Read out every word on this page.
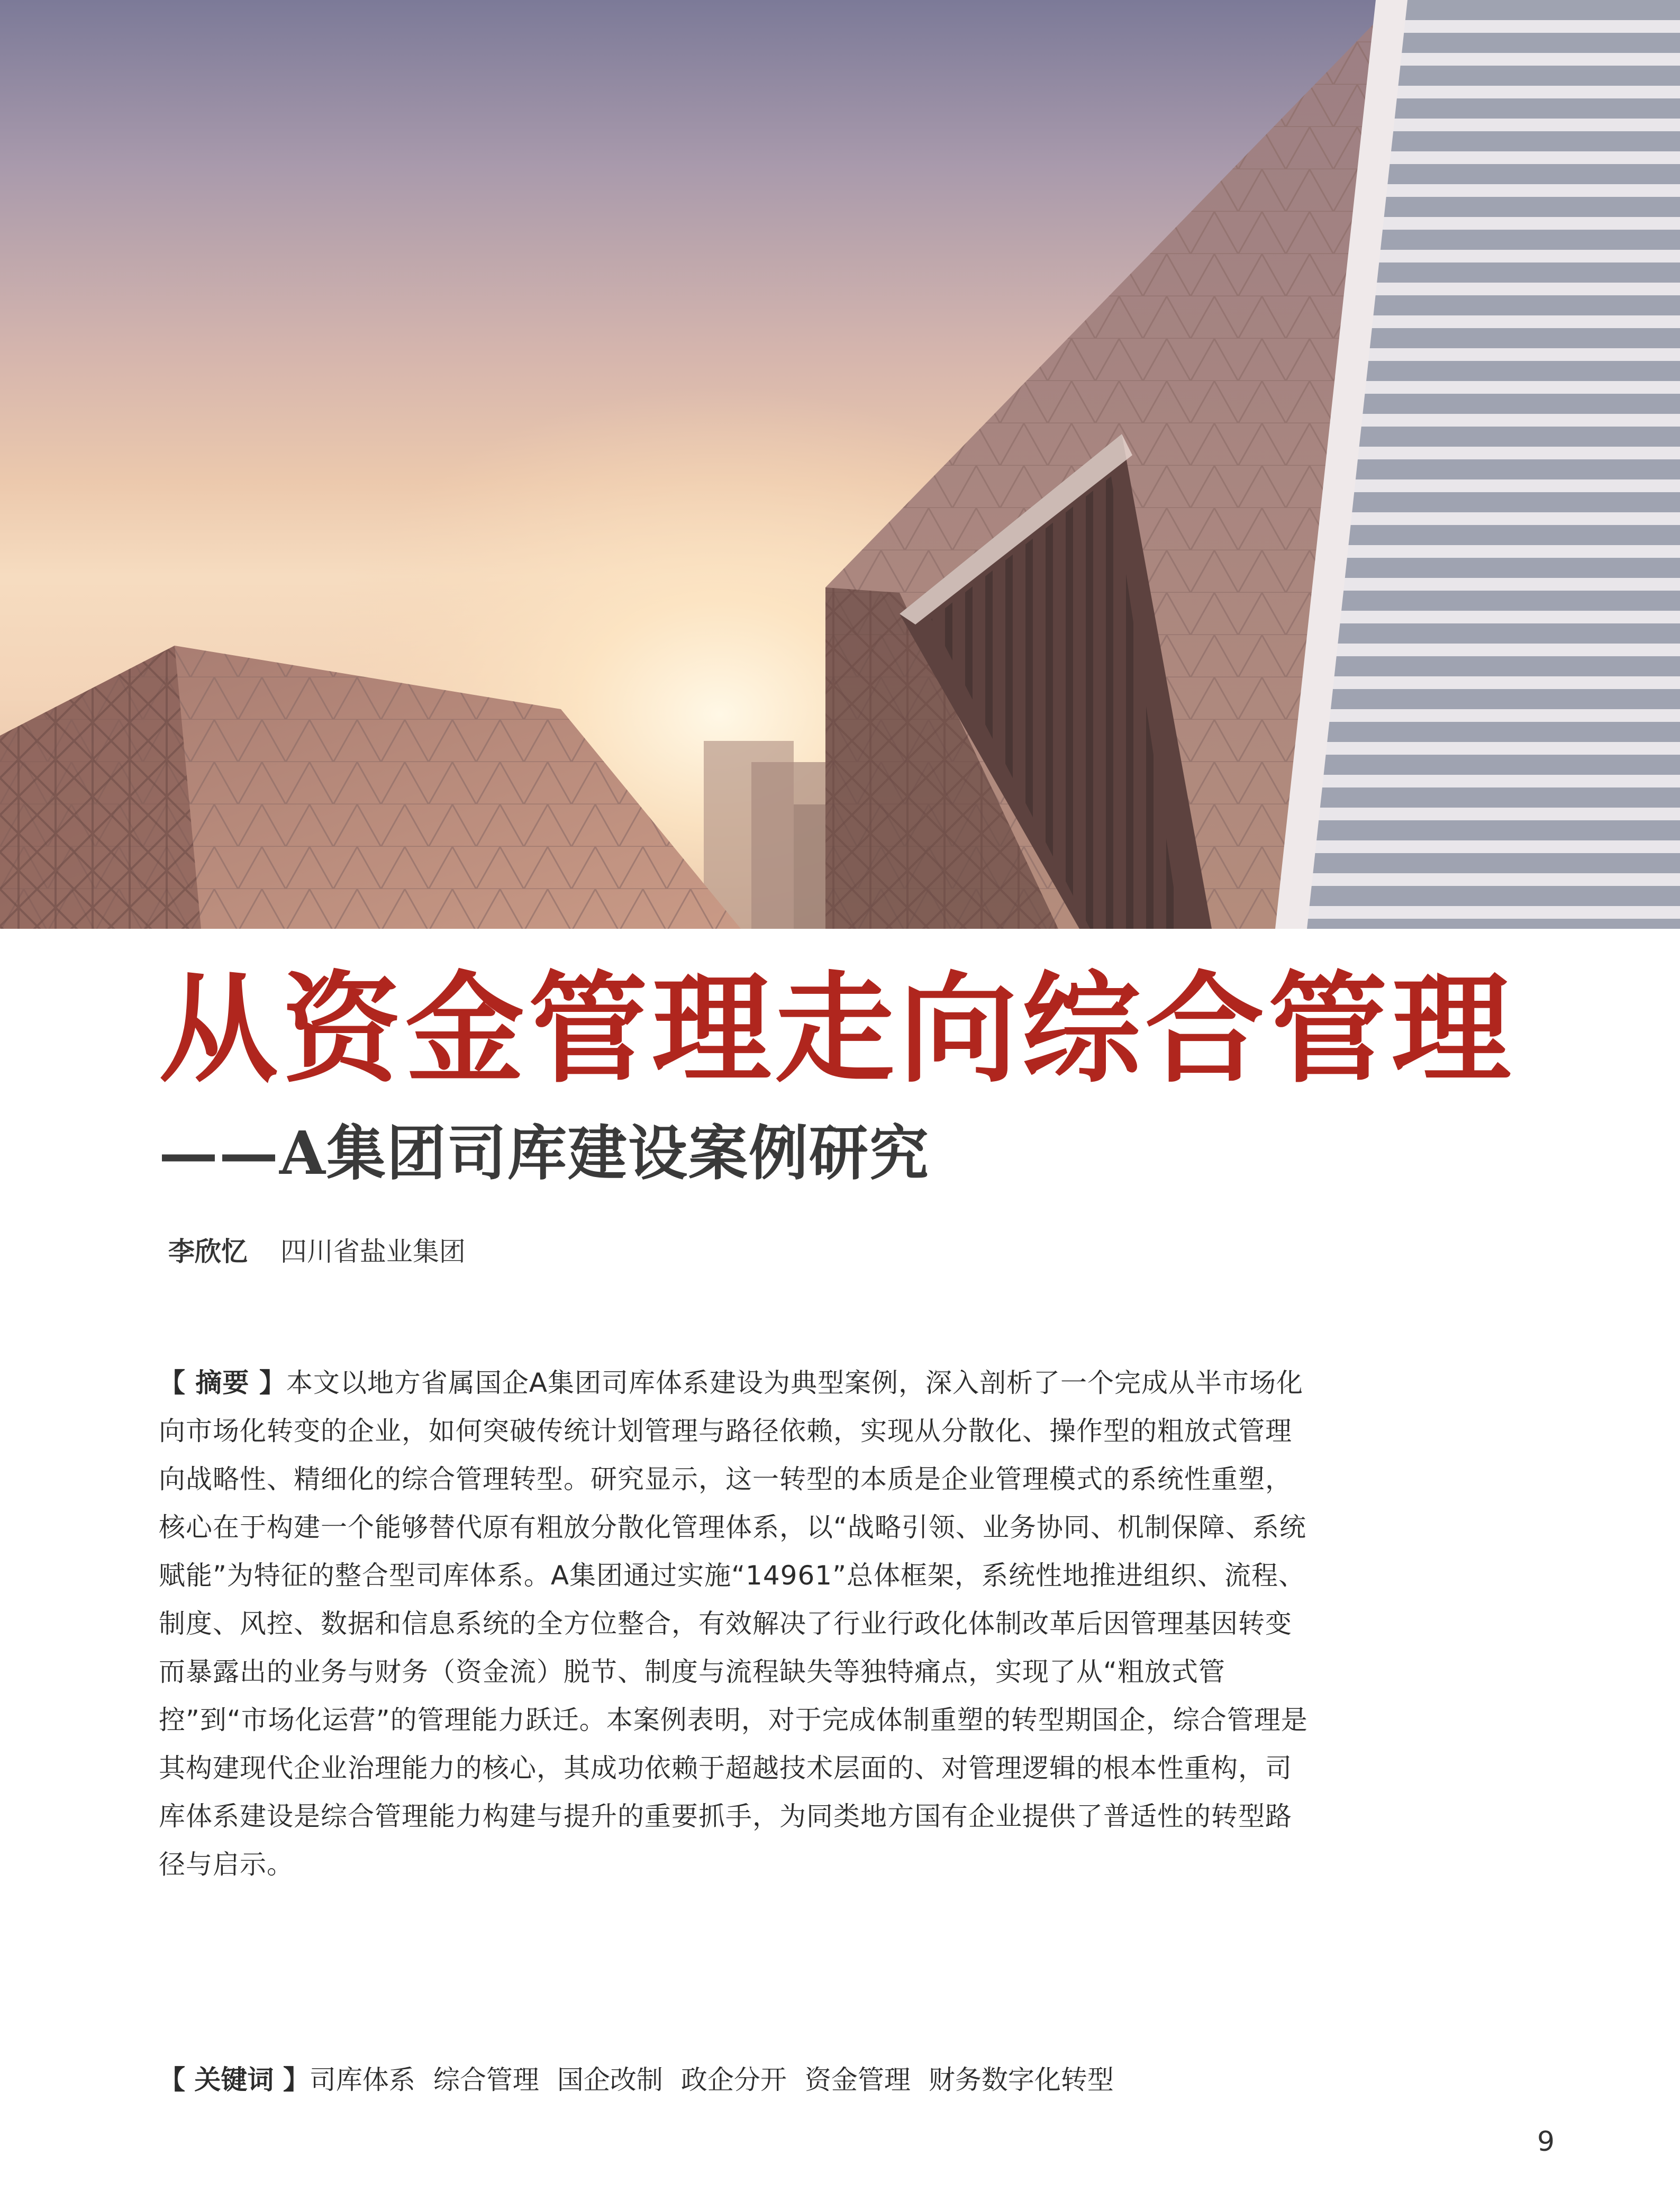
从资金管理走向综合管理
——A集团司库建设案例研究
李欣忆 四川省盐业集团

【 摘要 】本文以地方省属国企A集团司库体系建设为典型案例，深入剖析了一个完成从半市场化向市场化转变的企业，如何突破传统计划管理与路径依赖，实现从分散化、操作型的粗放式管理向战略性、精细化的综合管理转型。研究显示，这一转型的本质是企业管理模式的系统性重塑，核心在于构建一个能够替代原有粗放分散化管理体系，以“战略引领、业务协同、机制保障、系统赋能”为特征的整合型司库体系。A集团通过实施“14961”总体框架，系统性地推进组织、流程、制度、风控、数据和信息系统的全方位整合，有效解决了行业行政化体制改革后因管理基因转变而暴露出的业务与财务（资金流）脱节、制度与流程缺失等独特痛点，实现了从“粗放式管控”到“市场化运营”的管理能力跃迁。本案例表明，对于完成体制重塑的转型期国企，综合管理是其构建现代企业治理能力的核心，其成功依赖于超越技术层面的、对管理逻辑的根本性重构，司库体系建设是综合管理能力构建与提升的重要抓手，为同类地方国有企业提供了普适性的转型路径与启示。

【 关键词 】司库体系 综合管理 国企改制 政企分开 资金管理 财务数字化转型
9
